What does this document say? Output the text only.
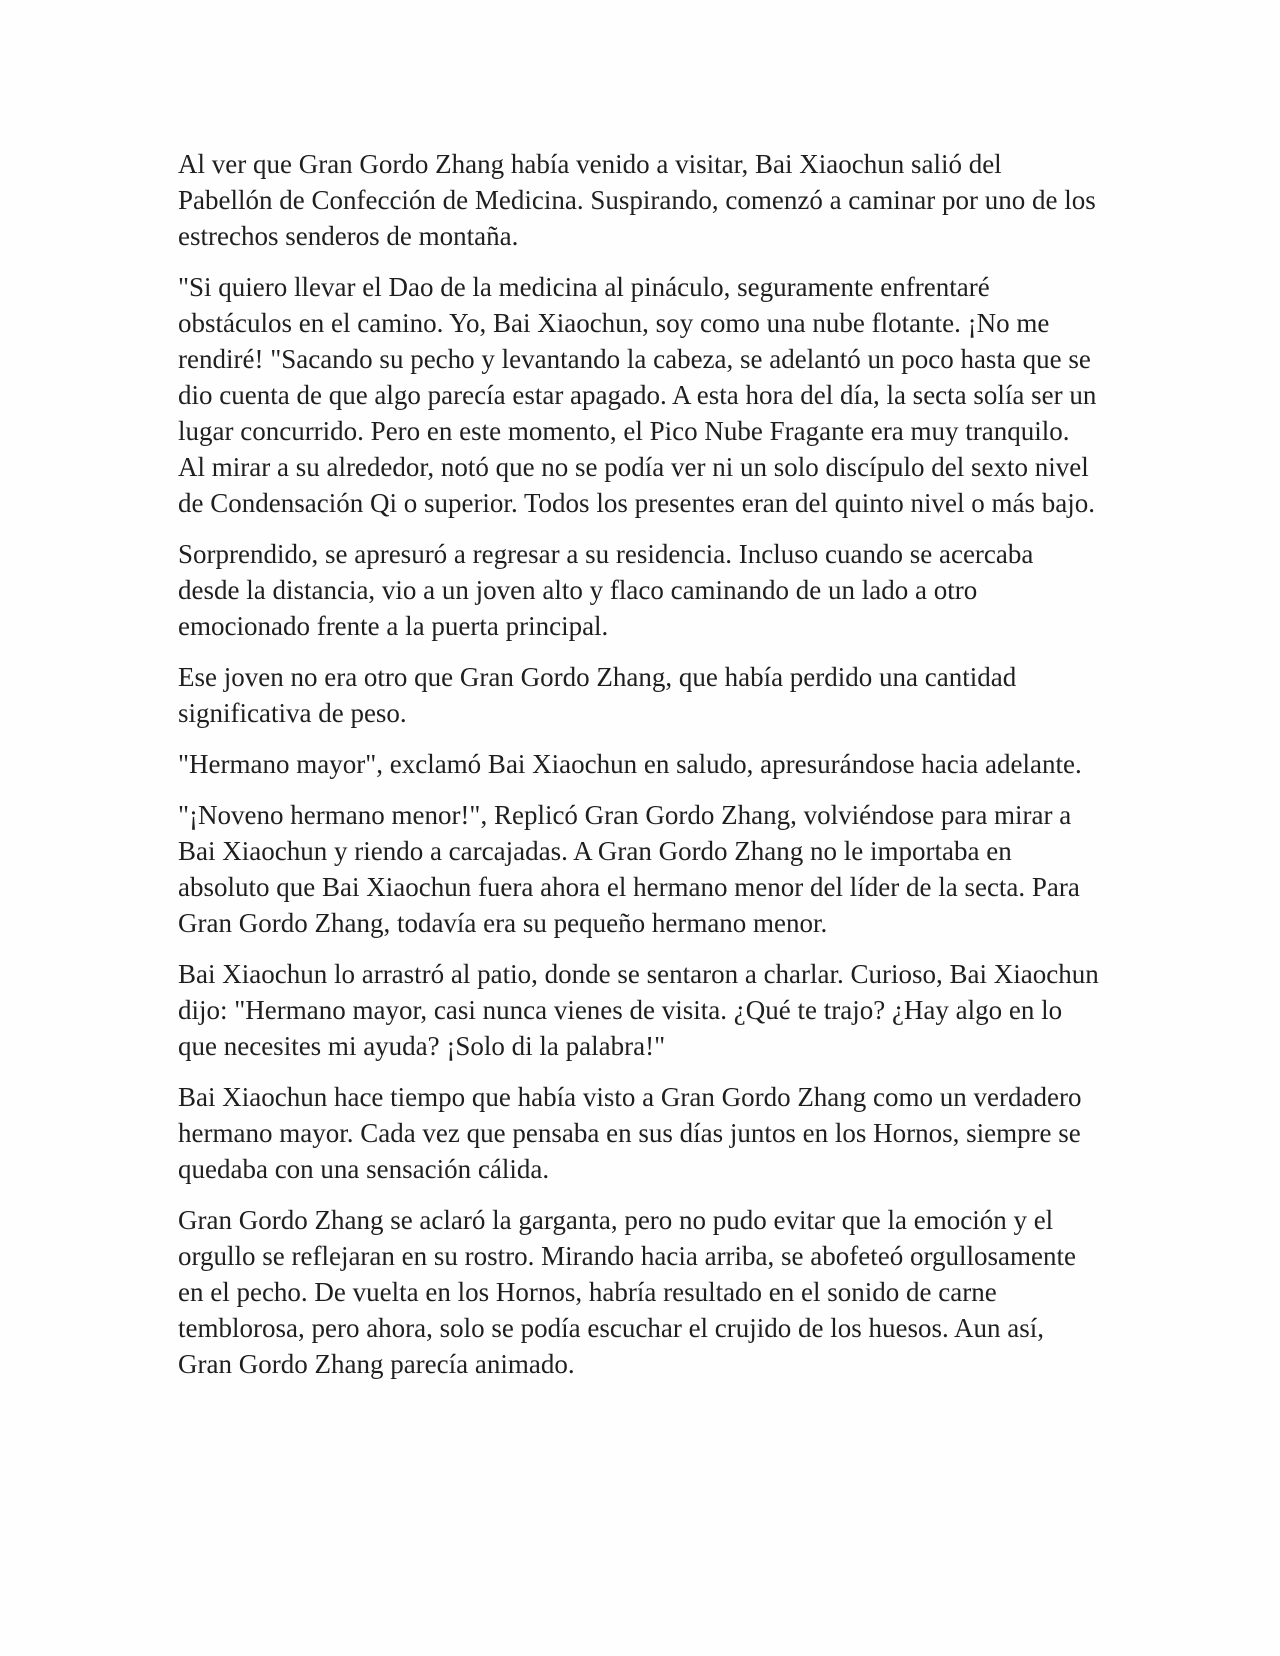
Al ver que Gran Gordo Zhang había venido a visitar, Bai Xiaochun salió del Pabellón de Confección de Medicina. Suspirando, comenzó a caminar por uno de los estrechos senderos de montaña.

"Si quiero llevar el Dao de la medicina al pináculo, seguramente enfrentaré obstáculos en el camino. Yo, Bai Xiaochun, soy como una nube flotante. ¡No me rendiré! "Sacando su pecho y levantando la cabeza, se adelantó un poco hasta que se dio cuenta de que algo parecía estar apagado. A esta hora del día, la secta solía ser un lugar concurrido. Pero en este momento, el Pico Nube Fragante era muy tranquilo. Al mirar a su alrededor, notó que no se podía ver ni un solo discípulo del sexto nivel de Condensación Qi o superior. Todos los presentes eran del quinto nivel o más bajo.

Sorprendido, se apresuró a regresar a su residencia. Incluso cuando se acercaba desde la distancia, vio a un joven alto y flaco caminando de un lado a otro emocionado frente a la puerta principal.

Ese joven no era otro que Gran Gordo Zhang, que había perdido una cantidad significativa de peso.

"Hermano mayor", exclamó Bai Xiaochun en saludo, apresurándose hacia adelante.

"¡Noveno hermano menor!", Replicó Gran Gordo Zhang, volviéndose para mirar a Bai Xiaochun y riendo a carcajadas. A Gran Gordo Zhang no le importaba en absoluto que Bai Xiaochun fuera ahora el hermano menor del líder de la secta. Para Gran Gordo Zhang, todavía era su pequeño hermano menor.

Bai Xiaochun lo arrastró al patio, donde se sentaron a charlar. Curioso, Bai Xiaochun dijo: "Hermano mayor, casi nunca vienes de visita. ¿Qué te trajo? ¿Hay algo en lo que necesites mi ayuda? ¡Solo di la palabra!"

Bai Xiaochun hace tiempo que había visto a Gran Gordo Zhang como un verdadero hermano mayor. Cada vez que pensaba en sus días juntos en los Hornos, siempre se quedaba con una sensación cálida.

Gran Gordo Zhang se aclaró la garganta, pero no pudo evitar que la emoción y el orgullo se reflejaran en su rostro. Mirando hacia arriba, se abofeteó orgullosamente en el pecho. De vuelta en los Hornos, habría resultado en el sonido de carne temblorosa, pero ahora, solo se podía escuchar el crujido de los huesos. Aun así, Gran Gordo Zhang parecía animado.
